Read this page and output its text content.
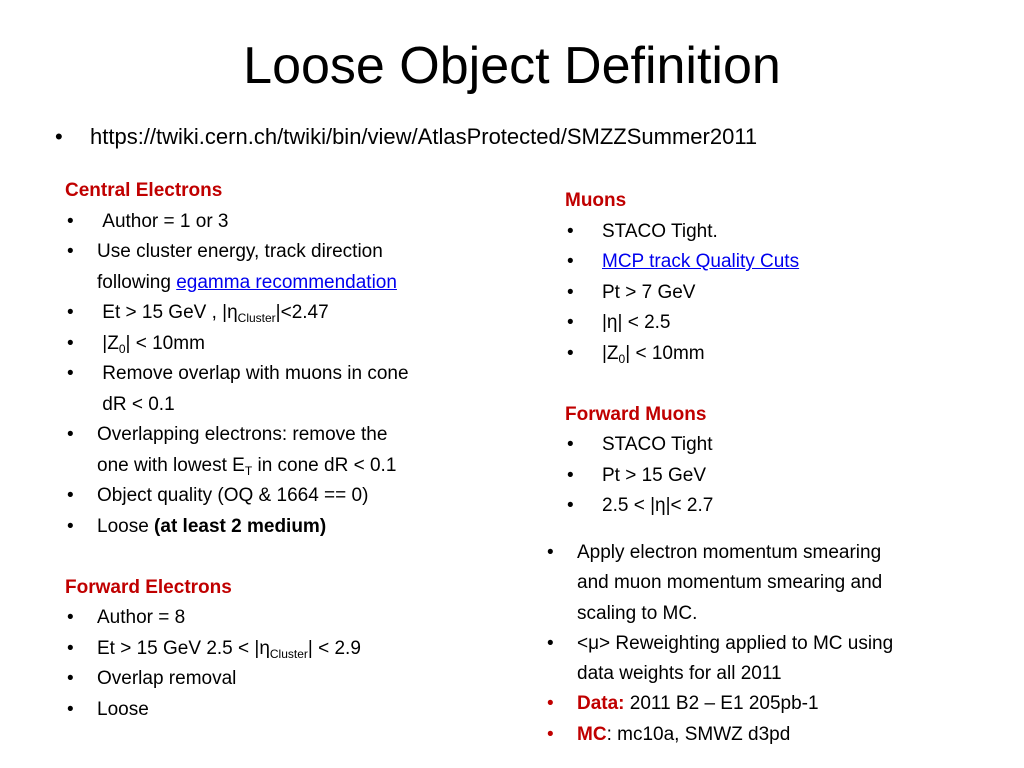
Loose Object Definition
• https://twiki.cern.ch/twiki/bin/view/AtlasProtected/SMZZSummer2011
Central Electrons
• Author = 1 or 3
• Use cluster energy, track direction
following egamma recommendation
• Et > 15 GeV , $|\eta_{Cluster}|<2.47$
• $|Z_0| < 10mm$
• Remove overlap with muons in cone
dR < 0.1
• Overlapping electrons: remove the
one with lowest $E_T$ in cone dR < 0.1
• Object quality (OQ & 1664 == 0)
• Loose (at least 2 medium)
Forward Electrons
• Author = 8
• Et > 15 GeV $2.5 < |\eta_{Cluster}| < 2.9$
• Overlap removal
• Loose
Muons
• STACO Tight.
• MCP track Quality Cuts
• Pt > 7 GeV
• |η| < 2.5
• $|Z_0| < 10mm$
Forward Muons
• STACO Tight
• Pt > 15 GeV
• 2.5 < |η|< 2.7
• Apply electron momentum smearing
and muon momentum smearing and
scaling to MC.
• <μ> Reweighting applied to MC using
data weights for all 2011
• Data: 2011 B2 – E1 205pb-1
• MC: mc10a, SMWZ d3pd
